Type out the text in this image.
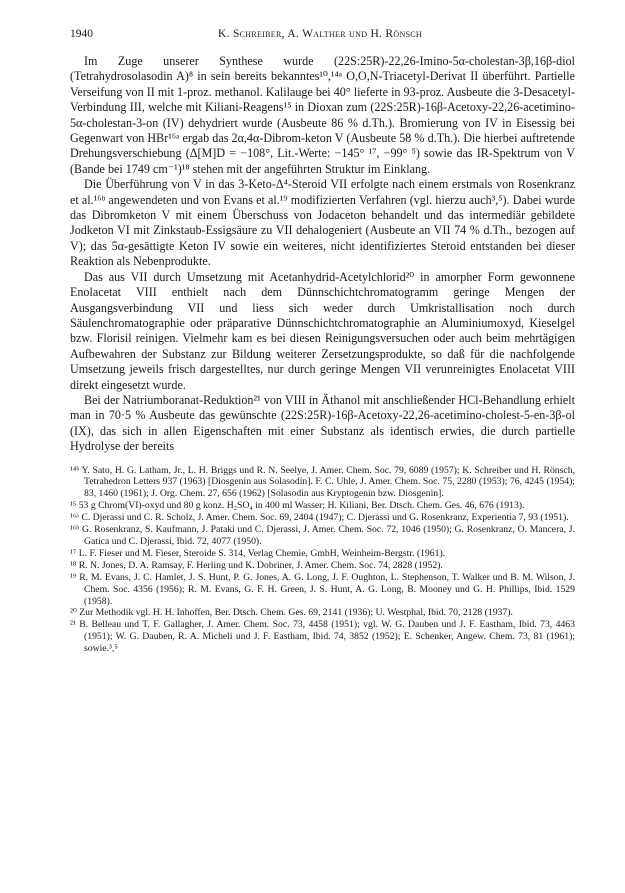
1940	K. Schreiber, A. Walther und H. Rönsch

Im Zuge unserer Synthese wurde (22S:25R)-22,26-Imino-5α-cholestan-3β,16β-diol (Tetrahydrosolasodin A)⁸ in sein bereits bekanntes¹⁰,¹⁴ᵃ O,O,N-Triacetyl-Derivat II überführt. Partielle Verseifung von II mit 1-proz. methanol. Kalilauge bei 40° lieferte in 93-proz. Ausbeute die 3-Desacetyl-Verbindung III, welche mit Kiliani-Reagens¹⁵ in Dioxan zum (22S:25R)-16β-Acetoxy-22,26-acetimino-5α-cholestan-3-on (IV) dehydriert wurde (Ausbeute 86 % d.Th.). Bromierung von IV in Eisessig bei Gegenwart von HBr¹⁶ᵃ ergab das 2α,4α-Dibrom-keton V (Ausbeute 58 % d.Th.). Die hierbei auftretende Drehungsverschiebung (Δ[M]D = −108°, Lit.-Werte: −145° ¹⁷, −99° ⁵) sowie das IR-Spektrum von V (Bande bei 1749 cm⁻¹)¹⁸ stehen mit der angeführten Struktur im Einklang.

Die Überführung von V in das 3-Keto-Δ⁴-Steroid VII erfolgte nach einem erstmals von Rosenkranz et al.¹⁶ᵇ angewendeten und von Evans et al.¹⁹ modifizierten Verfahren (vgl. hierzu auch³,⁵). Dabei wurde das Dibromketon V mit einem Überschuss von Jodaceton behandelt und das intermediär gebildete Jodketon VI mit Zinkstaub-Essigsäure zu VII dehalogeniert (Ausbeute an VII 74 % d.Th., bezogen auf V); das 5α-gesättigte Keton IV sowie ein weiteres, nicht identifiziertes Steroid entstanden bei dieser Reaktion als Nebenprodukte.

Das aus VII durch Umsetzung mit Acetanhydrid-Acetylchlorid²⁰ in amorpher Form gewonnene Enolacetat VIII enthielt nach dem Dünnschichtchromatogramm geringe Mengen der Ausgangsverbindung VII und liess sich weder durch Umkristallisation noch durch Säulenchromatographie oder präparative Dünnschichtchromatographie an Aluminiumoxyd, Kieselgel bzw. Florisil reinigen. Vielmehr kam es bei diesen Reinigungsversuchen oder auch beim mehrtägigen Aufbewahren der Substanz zur Bildung weiterer Zersetzungsprodukte, so daß für die nachfolgende Umsetzung jeweils frisch dargestelltes, nur durch geringe Mengen VII verunreinigtes Enolacetat VIII direkt eingesetzt wurde.

Bei der Natriumboranat-Reduktion²¹ von VIII in Äthanol mit anschließender HCl-Behandlung erhielt man in 70·5 % Ausbeute das gewünschte (22S:25R)-16β-Acetoxy-22,26-acetimino-cholest-5-en-3β-ol (IX), das sich in allen Eigenschaften mit einer Substanz als identisch erwies, die durch partielle Hydrolyse der bereits

¹⁴ᵇ Y. Sato, H. G. Latham, Jr., L. H. Briggs und R. N. Seelye, J. Amer. Chem. Soc. 79, 6089 (1957); K. Schreiber und H. Rönsch, Tetrahedron Letters 937 (1963) [Diosgenin aus Solasodin]. F. C. Uhle, J. Amer. Chem. Soc. 75, 2280 (1953); 76, 4245 (1954); 83, 1460 (1961); J. Org. Chem. 27, 656 (1962) [Solasodin aus Kryptogenin bzw. Diosgenin].

¹⁵ 53 g Chrom(VI)-oxyd und 80 g konz. H₂SO₄ in 400 ml Wasser; H. Kiliani, Ber. Dtsch. Chem. Ges. 46, 676 (1913).

¹⁶ᵃ C. Djerassi und C. R. Scholz, J. Amer. Chem. Soc. 69, 2404 (1947); C. Djerassi und G. Rosenkranz, Experientia 7, 93 (1951).

¹⁶ᵇ G. Rosenkranz, S. Kaufmann, J. Pataki und C. Djerassi, J. Amer. Chem. Soc. 72, 1046 (1950); G. Rosenkranz, O. Mancera, J. Gatica und C. Djerassi, Ibid. 72, 4077 (1950).

¹⁷ L. F. Fieser und M. Fieser, Steroide S. 314, Verlag Chemie, GmbH, Weinheim-Bergstr. (1961).

¹⁸ R. N. Jones, D. A. Ramsay, F. Herling und K. Dobriner, J. Amer. Chem. Soc. 74, 2828 (1952).

¹⁹ R. M. Evans, J. C. Hamlet, J. S. Hunt, P. G. Jones, A. G. Long, J. F. Oughton, L. Stephenson, T. Walker und B. M. Wilson, J. Chem. Soc. 4356 (1956); R. M. Evans, G. F. H. Green, J. S. Hunt, A. G. Long, B. Mooney und G. H. Phillips, Ibid. 1529 (1958).

²⁰ Zur Methodik vgl. H. H. Inhoffen, Ber. Dtsch. Chem. Ges. 69, 2141 (1936); U. Westphal, Ibid. 70, 2128 (1937).

²¹ B. Belleau und T. F. Gallagher, J. Amer. Chem. Soc. 73, 4458 (1951); vgl. W. G. Dauben und J. F. Eastham, Ibid. 73, 4463 (1951); W. G. Dauben, R. A. Micheli und J. F. Eastham, Ibid. 74, 3852 (1952); E. Schenker, Angew. Chem. 73, 81 (1961); sowie.³,⁵
